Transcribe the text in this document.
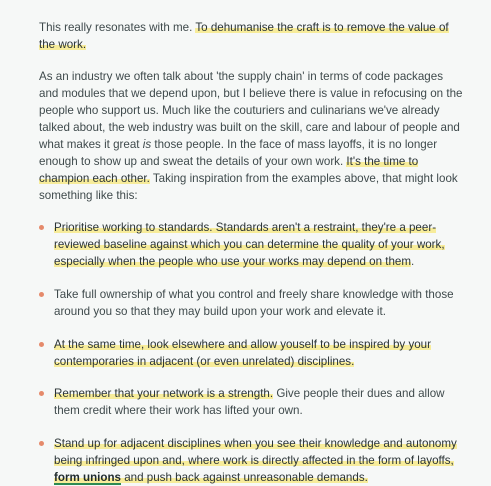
This really resonates with me. To dehumanise the craft is to remove the value of the work.

As an industry we often talk about 'the supply chain' in terms of code packages and modules that we depend upon, but I believe there is value in refocusing on the people who support us. Much like the couturiers and culinarians we've already talked about, the web industry was built on the skill, care and labour of people and what makes it great is those people. In the face of mass layoffs, it is no longer enough to show up and sweat the details of your own work. It's the time to champion each other. Taking inspiration from the examples above, that might look something like this:

Prioritise working to standards. Standards aren't a restraint, they're a peer-reviewed baseline against which you can determine the quality of your work, especially when the people who use your works may depend on them.
Take full ownership of what you control and freely share knowledge with those around you so that they may build upon your work and elevate it.
At the same time, look elsewhere and allow youself to be inspired by your contemporaries in adjacent (or even unrelated) disciplines.
Remember that your network is a strength. Give people their dues and allow them credit where their work has lifted your own.
Stand up for adjacent disciplines when you see their knowledge and autonomy being infringed upon and, where work is directly affected in the form of layoffs, form unions and push back against unreasonable demands.
